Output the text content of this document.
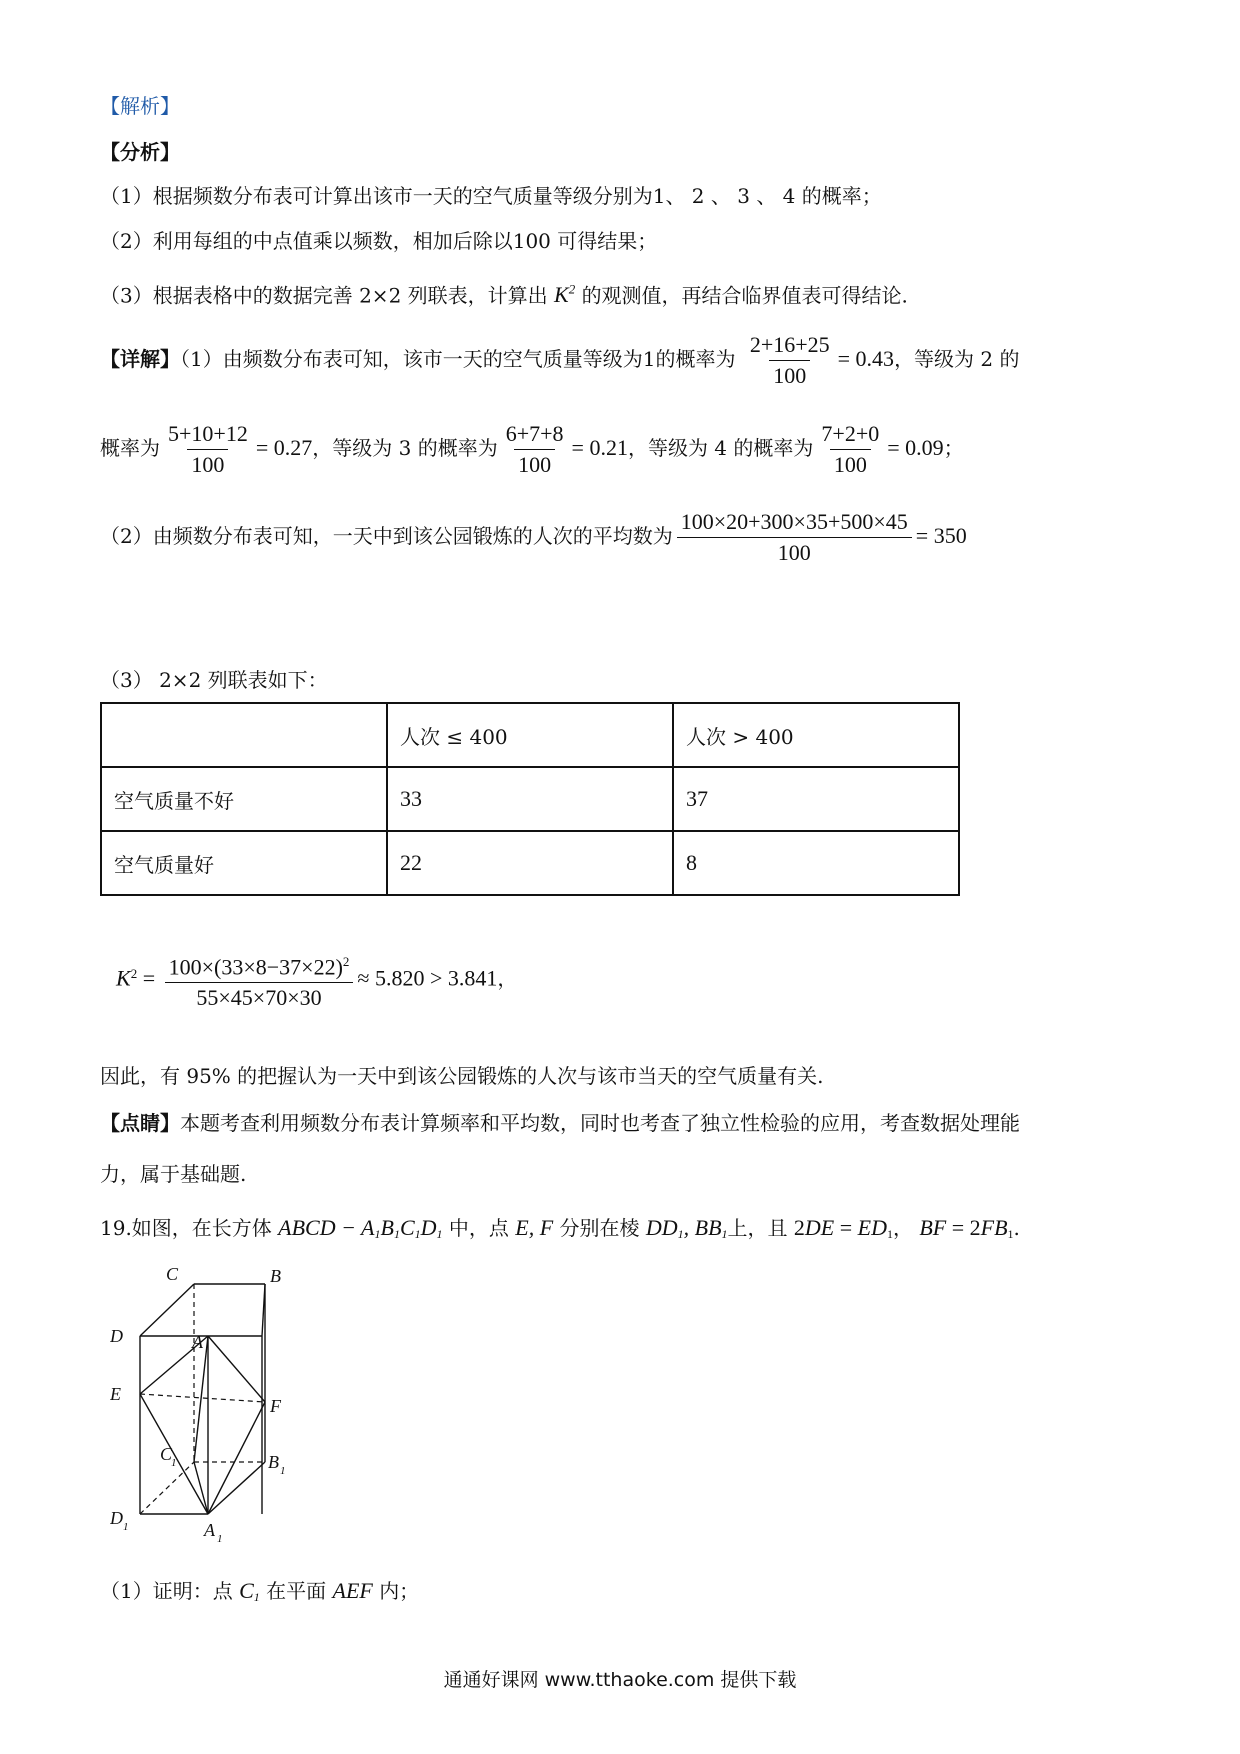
【解析】
【分析】
（1）根据频数分布表可计算出该市一天的空气质量等级分别为1、 2 、 3 、 4 的概率；
（2）利用每组的中点值乘以频数，相加后除以100 可得结果；
（3）根据表格中的数据完善 2×2 列联表，计算出 $K^2$ 的观测值，再结合临界值表可得结论.
【详解】（1）由频数分布表可知，该市一天的空气质量等级为1的概率为 $\frac{2+16+25}{100} = 0.43$，等级为 2 的
概率为 $\frac{5+10+12}{100} = 0.27$，等级为 3 的概率为 $\frac{6+7+8}{100} = 0.21$，等级为 4 的概率为 $\frac{7+2+0}{100} = 0.09$；
（2）由频数分布表可知，一天中到该公园锻炼的人次的平均数为 $\frac{100\times 20+300\times 35+500\times 45}{100} = 350$
（3） 2×2 列联表如下：
	人次 ≤ 400	人次 > 400
空气质量不好	33	37
空气质量好	22	8
$K^2 = \frac{100\times(33\times 8-37\times 22)^2}{55\times 45\times 70\times 30} \approx 5.820 > 3.841$，
因此，有 95% 的把握认为一天中到该公园锻炼的人次与该市当天的空气质量有关.
【点睛】本题考查利用频数分布表计算频率和平均数，同时也考查了独立性检验的应用，考查数据处理能
力，属于基础题.
19.如图，在长方体 ABCD − $A_1B_1C_1D_1$ 中，点 E, F 分别在棱 $DD_1$, $BB_1$上，且 $2DE = ED_1$， BF = $2FB_1$.
C	B
D	A
E
F
C
1	B 1
D 1	A 1
（1）证明：点 $C_1$ 在平面 AEF 内；
通通好课网 www.tthaoke.com 提供下载
